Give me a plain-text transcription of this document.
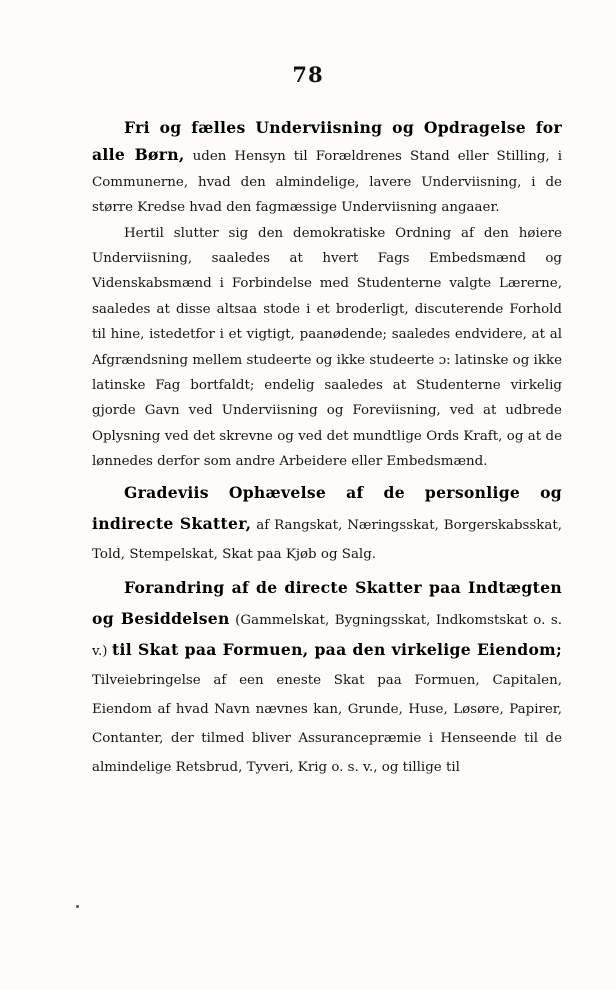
78

Fri og fælles Underviisning og Opdragelse for alle Børn, uden Hensyn til Forældrenes Stand eller Stilling, i Communerne, hvad den almindelige, lavere Underviisning, i de større Kredse hvad den fagmæssige Underviisning angaaer.

Hertil slutter sig den demokratiske Ordning af den høiere Underviisning, saaledes at hvert Fags Embedsmænd og Videnskabsmænd i Forbindelse med Studenterne valgte Lærerne, saaledes at disse altsaa stode i et broderligt, discuterende Forhold til hine, istedetfor i et vigtigt, paanødende; saaledes endvidere, at al Afgrændsning mellem studeerte og ikke studeerte ɔ: latinske og ikke latinske Fag bortfaldt; endelig saaledes at Studenterne virkelig gjorde Gavn ved Underviisning og Foreviisning, ved at udbrede Oplysning ved det skrevne og ved det mundtlige Ords Kraft, og at de lønnedes derfor som andre Arbeidere eller Embedsmænd.

Gradeviis Ophævelse af de personlige og indirecte Skatter, af Rangskat, Næringsskat, Borgerskabsskat, Told, Stempelskat, Skat paa Kjøb og Salg.

Forandring af de directe Skatter paa Indtægten og Besiddelsen (Gammelskat, Bygningsskat, Indkomstskat o. s. v.) til Skat paa Formuen, paa den virkelige Eiendom; Tilveiebringelse af een eneste Skat paa Formuen, Capitalen, Eiendom af hvad Navn nævnes kan, Grunde, Huse, Løsøre, Papirer, Contanter, der tilmed bliver Assurancepræmie i Henseende til de almindelige Retsbrud, Tyveri, Krig o. s. v., og tillige til
